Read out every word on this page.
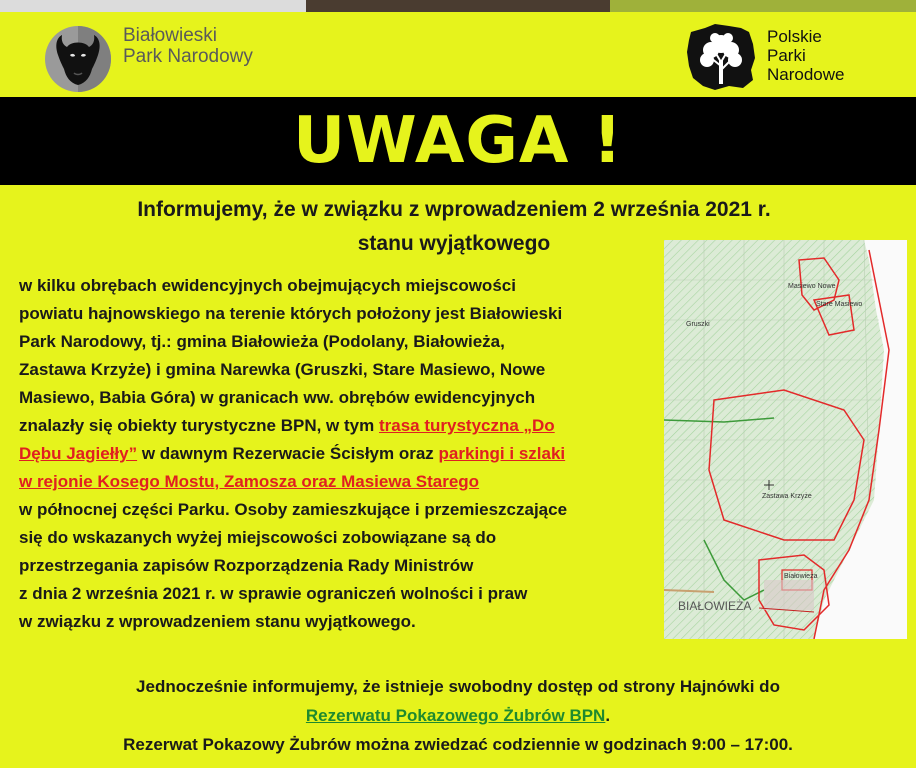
Białowieski
Park Narodowy
Polskie
Parki
Narodowe
UWAGA !
Informujemy, że w związku z wprowadzeniem 2 września 2021 r.
stanu wyjątkowego
w kilku obrębach ewidencyjnych obejmujących miejscowości
powiatu hajnowskiego na terenie których położony jest Białowieski
Park Narodowy, tj.: gmina Białowieża (Podolany, Białowieża,
Zastawa Krzyże) i gmina Narewka (Gruszki, Stare Masiewo, Nowe
Masiewo, Babia Góra) w granicach ww. obrębów ewidencyjnych
znalazły się obiekty turystyczne BPN, w tym trasa turystyczna „Do
Dębu Jagiełły” w dawnym Rezerwacie Ścisłym oraz parkingi i szlaki
w rejonie Kosego Mostu, Zamosza oraz Masiewa Starego
w północnej części Parku. Osoby zamieszkujące i przemieszczające
się do wskazanych wyżej miejscowości zobowiązane są do
przestrzegania zapisów Rozporządzenia Rady Ministrów
z dnia 2 września 2021 r. w sprawie ograniczeń wolności i praw
w związku z wprowadzeniem stanu wyjątkowego.
Masiewo Nowe
Stare Masiewo
Gruszki
Zastawa Krzyże
Białowieża
BIAŁOWIEŻA
Jednocześnie informujemy, że istnieje swobodny dostęp od strony Hajnówki do
Rezerwatu Pokazowego Żubrów BPN.
Rezerwat Pokazowy Żubrów można zwiedzać codziennie w godzinach 9:00 – 17:00.
